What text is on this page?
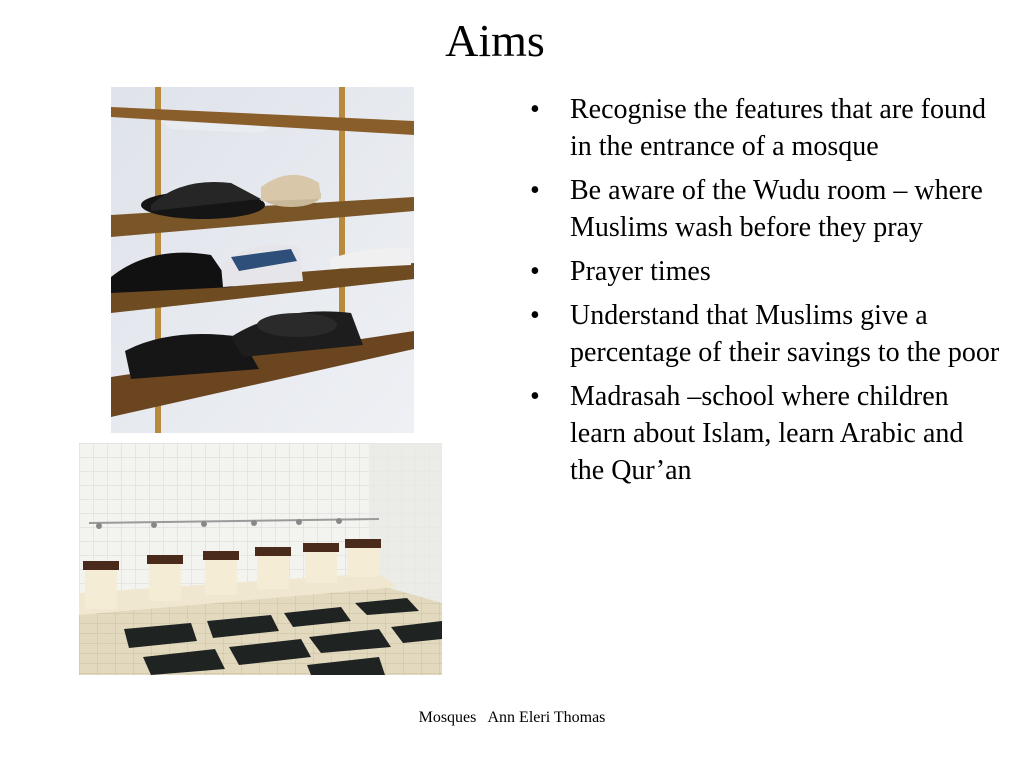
Aims
• Recognise the features that are found in the entrance of a mosque
• Be aware of the Wudu room – where Muslims wash before they pray
• Prayer times
• Understand that Muslims give a percentage of their savings to the poor
• Madrasah –school where children learn about Islam, learn Arabic and the Qur’an
Mosques   Ann Eleri Thomas
